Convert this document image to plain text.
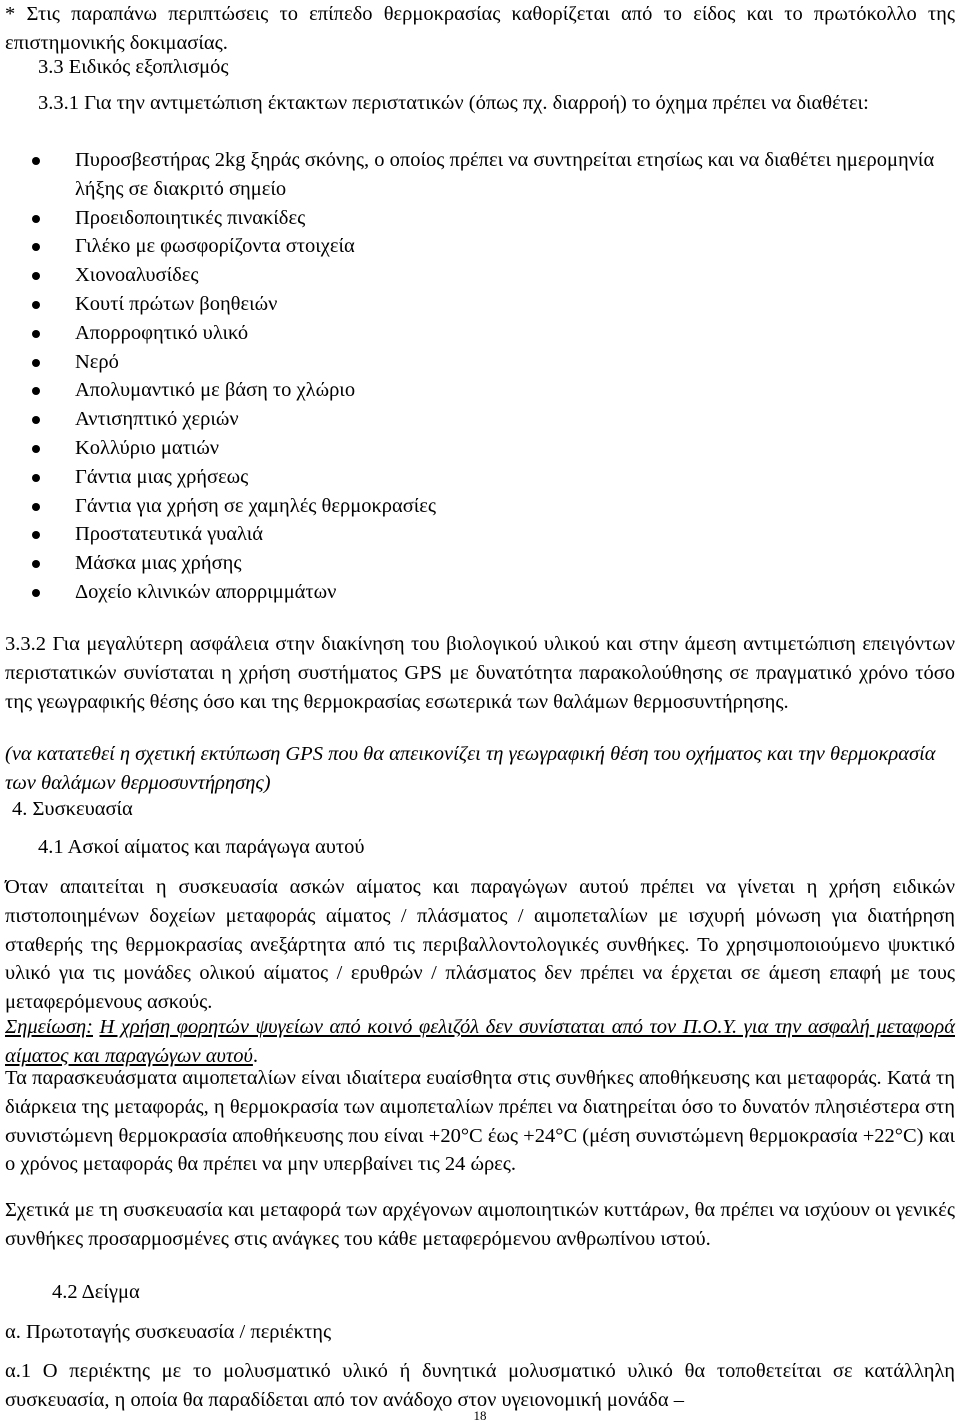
* Στις παραπάνω περιπτώσεις το επίπεδο θερμοκρασίας καθορίζεται από το είδος και το πρωτόκολλο της επιστημονικής δοκιμασίας.

3.3 Ειδικός εξοπλισμός

3.3.1 Για την αντιμετώπιση έκτακτων περιστατικών (όπως πχ. διαρροή) το όχημα πρέπει να διαθέτει:

Πυροσβεστήρας 2kg ξηράς σκόνης, ο οποίος πρέπει να συντηρείται ετησίως και να διαθέτει ημερομηνία λήξης σε διακριτό σημείο
Προειδοποιητικές πινακίδες
Γιλέκο με φωσφορίζοντα στοιχεία
Χιονοαλυσίδες
Κουτί πρώτων βοηθειών
Απορροφητικό υλικό
Νερό
Απολυμαντικό με βάση το χλώριο
Αντισηπτικό χεριών
Κολλύριο ματιών
Γάντια μιας χρήσεως
Γάντια για χρήση σε χαμηλές θερμοκρασίες
Προστατευτικά γυαλιά
Μάσκα μιας χρήσης
Δοχείο κλινικών απορριμμάτων

3.3.2 Για μεγαλύτερη ασφάλεια στην διακίνηση του βιολογικού υλικού και στην άμεση αντιμετώπιση επειγόντων περιστατικών συνίσταται η χρήση συστήματος GPS με δυνατότητα παρακολούθησης σε πραγματικό χρόνο τόσο της γεωγραφικής θέσης όσο και της θερμοκρασίας εσωτερικά των θαλάμων θερμοσυντήρησης.

(να κατατεθεί η σχετική εκτύπωση GPS που θα απεικονίζει τη γεωγραφική θέση του οχήματος και την θερμοκρασία των θαλάμων θερμοσυντήρησης)

4. Συσκευασία

4.1 Ασκοί αίματος και παράγωγα αυτού

Όταν απαιτείται η συσκευασία ασκών αίματος και παραγώγων αυτού πρέπει να γίνεται η χρήση ειδικών πιστοποιημένων δοχείων μεταφοράς αίματος / πλάσματος / αιμοπεταλίων με ισχυρή μόνωση για διατήρηση σταθερής της θερμοκρασίας ανεξάρτητα από τις περιβαλλοντολογικές συνθήκες. Το χρησιμοποιούμενο ψυκτικό υλικό για τις μονάδες ολικού αίματος / ερυθρών / πλάσματος δεν πρέπει να έρχεται σε άμεση επαφή με τους μεταφερόμενους ασκούς.

Σημείωση: Η χρήση φορητών ψυγείων από κοινό φελιζόλ δεν συνίσταται από τον Π.Ο.Υ. για την ασφαλή μεταφορά αίματος και παραγώγων αυτού.

Τα παρασκευάσματα αιμοπεταλίων είναι ιδιαίτερα ευαίσθητα στις συνθήκες αποθήκευσης και μεταφοράς. Κατά τη διάρκεια της μεταφοράς, η θερμοκρασία των αιμοπεταλίων πρέπει να διατηρείται όσο το δυνατόν πλησιέστερα στη συνιστώμενη θερμοκρασία αποθήκευσης που είναι +20°C έως +24°C (μέση συνιστώμενη θερμοκρασία +22°C) και ο χρόνος μεταφοράς θα πρέπει να μην υπερβαίνει τις 24 ώρες.

Σχετικά με τη συσκευασία και μεταφορά των αρχέγονων αιμοποιητικών κυττάρων, θα πρέπει να ισχύουν οι γενικές συνθήκες προσαρμοσμένες στις ανάγκες του κάθε μεταφερόμενου ανθρωπίνου ιστού.

4.2 Δείγμα

α. Πρωτοταγής συσκευασία / περιέκτης

α.1 Ο περιέκτης με το μολυσματικό υλικό ή δυνητικά μολυσματικό υλικό θα τοποθετείται σε κατάλληλη συσκευασία, η οποία θα παραδίδεται από τον ανάδοχο στον υγειονομική μονάδα –

18
